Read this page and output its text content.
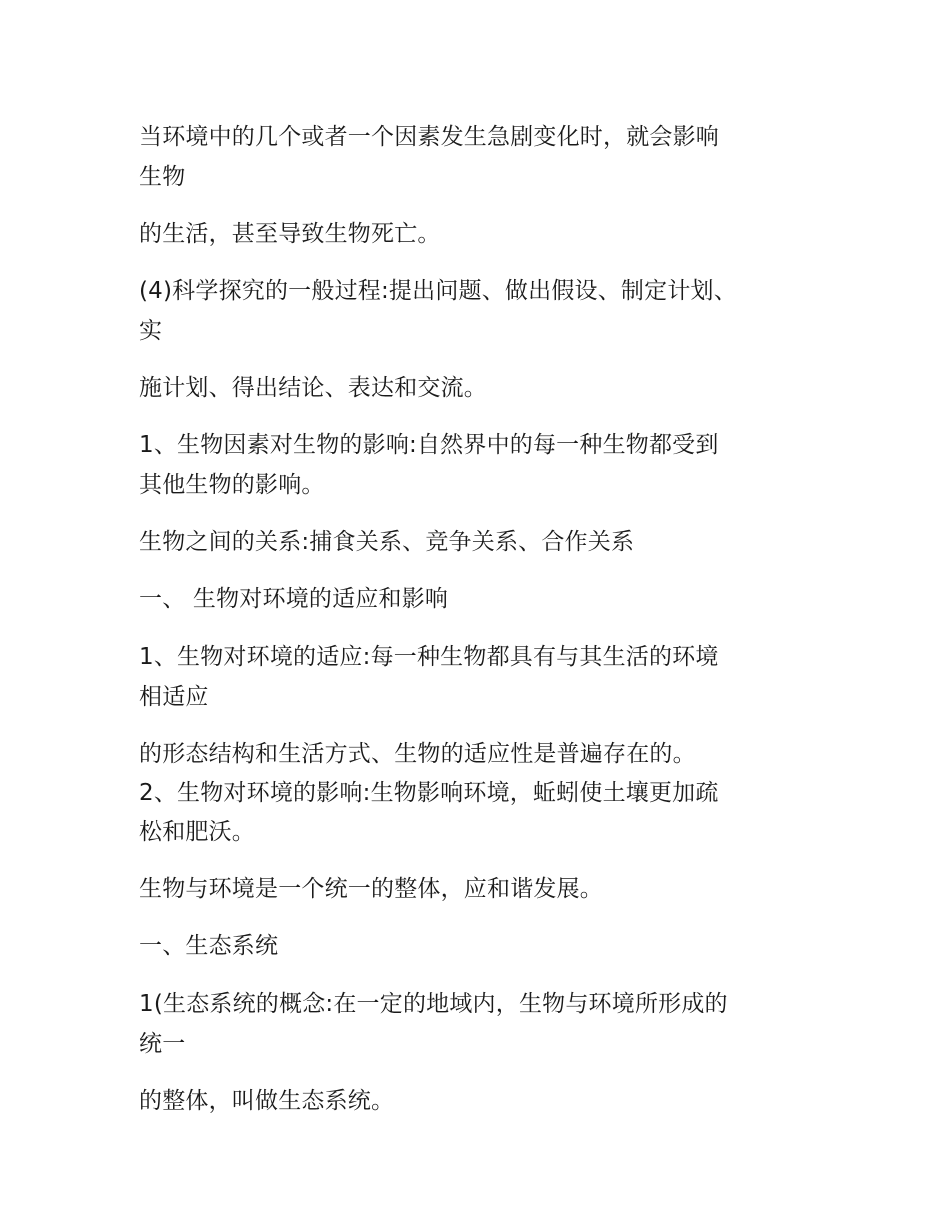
当环境中的几个或者一个因素发生急剧变化时，就会影响
生物
的生活，甚至导致生物死亡。
(4)科学探究的一般过程:提出问题、做出假设、制定计划、
实
施计划、得出结论、表达和交流。
1、生物因素对生物的影响:自然界中的每一种生物都受到
其他生物的影响。
生物之间的关系:捕食关系、竞争关系、合作关系
一、 生物对环境的适应和影响
1、生物对环境的适应:每一种生物都具有与其生活的环境
相适应
的形态结构和生活方式、生物的适应性是普遍存在的。
2、生物对环境的影响:生物影响环境，蚯蚓使土壤更加疏
松和肥沃。
生物与环境是一个统一的整体，应和谐发展。
一、生态系统
1(生态系统的概念:在一定的地域内，生物与环境所形成的
统一
的整体，叫做生态系统。
